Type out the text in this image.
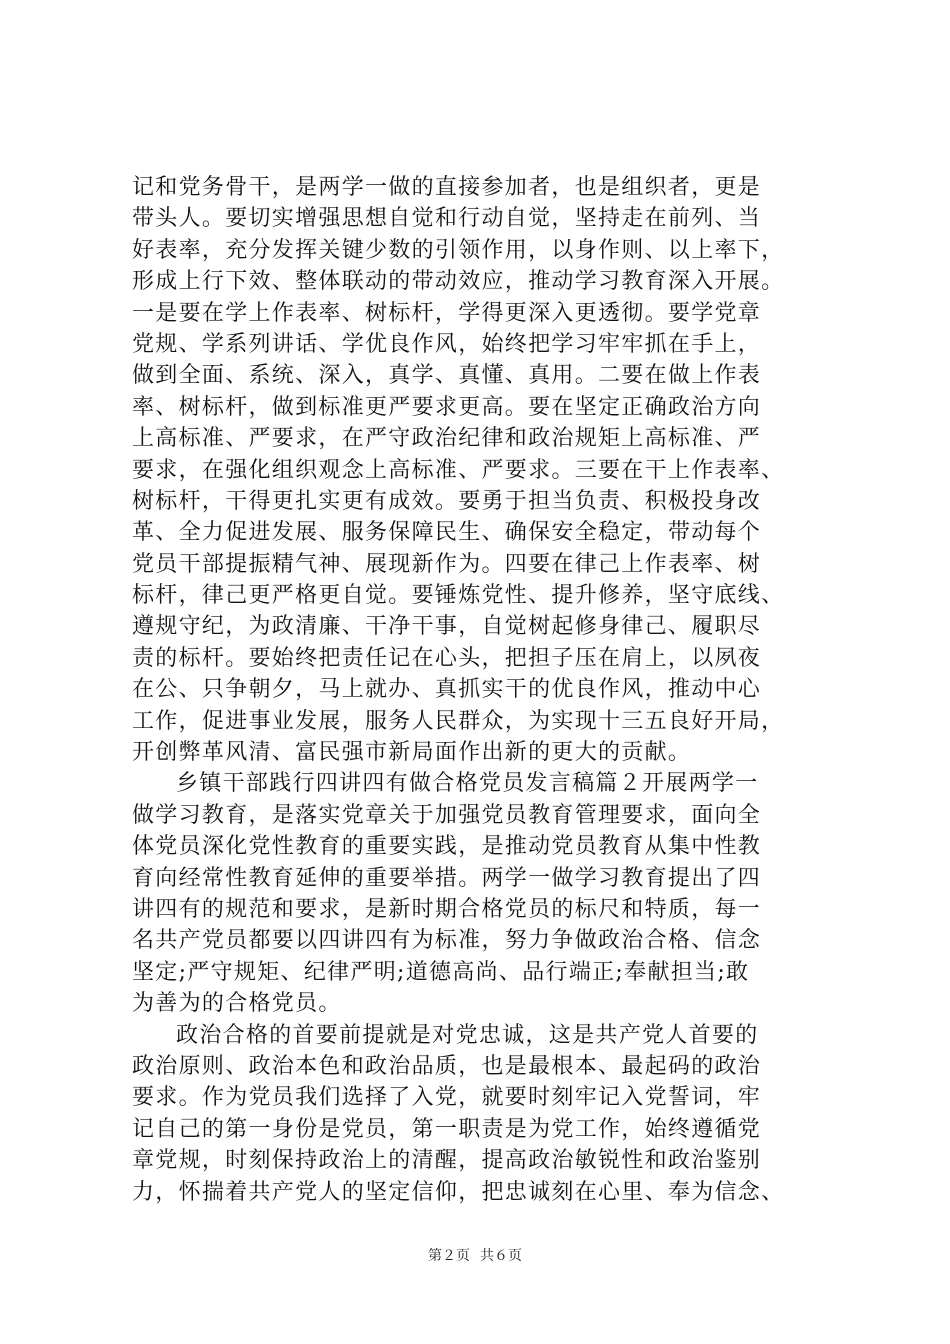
记和党务骨干，是两学一做的直接参加者，也是组织者，更是
带头人。要切实增强思想自觉和行动自觉，坚持走在前列、当
好表率，充分发挥关键少数的引领作用，以身作则、以上率下，
形成上行下效、整体联动的带动效应，推动学习教育深入开展。
一是要在学上作表率、树标杆，学得更深入更透彻。要学党章
党规、学系列讲话、学优良作风，始终把学习牢牢抓在手上，
做到全面、系统、深入，真学、真懂、真用。二要在做上作表
率、树标杆，做到标准更严要求更高。要在坚定正确政治方向
上高标准、严要求，在严守政治纪律和政治规矩上高标准、严
要求，在强化组织观念上高标准、严要求。三要在干上作表率、
树标杆，干得更扎实更有成效。要勇于担当负责、积极投身改
革、全力促进发展、服务保障民生、确保安全稳定，带动每个
党员干部提振精气神、展现新作为。四要在律己上作表率、树
标杆，律己更严格更自觉。要锤炼党性、提升修养，坚守底线、
遵规守纪，为政清廉、干净干事，自觉树起修身律己、履职尽
责的标杆。要始终把责任记在心头，把担子压在肩上，以夙夜
在公、只争朝夕，马上就办、真抓实干的优良作风，推动中心
工作，促进事业发展，服务人民群众，为实现十三五良好开局，
开创弊革风清、富民强市新局面作出新的更大的贡献。
乡镇干部践行四讲四有做合格党员发言稿篇２开展两学一
做学习教育，是落实党章关于加强党员教育管理要求，面向全
体党员深化党性教育的重要实践，是推动党员教育从集中性教
育向经常性教育延伸的重要举措。两学一做学习教育提出了四
讲四有的规范和要求，是新时期合格党员的标尺和特质，每一
名共产党员都要以四讲四有为标准，努力争做政治合格、信念
坚定;严守规矩、纪律严明;道德高尚、品行端正;奉献担当;敢
为善为的合格党员。
政治合格的首要前提就是对党忠诚，这是共产党人首要的
政治原则、政治本色和政治品质，也是最根本、最起码的政治
要求。作为党员我们选择了入党，就要时刻牢记入党誓词，牢
记自己的第一身份是党员，第一职责是为党工作，始终遵循党
章党规，时刻保持政治上的清醒，提高政治敏锐性和政治鉴别
力，怀揣着共产党人的坚定信仰，把忠诚刻在心里、奉为信念、
第２页 共６页
